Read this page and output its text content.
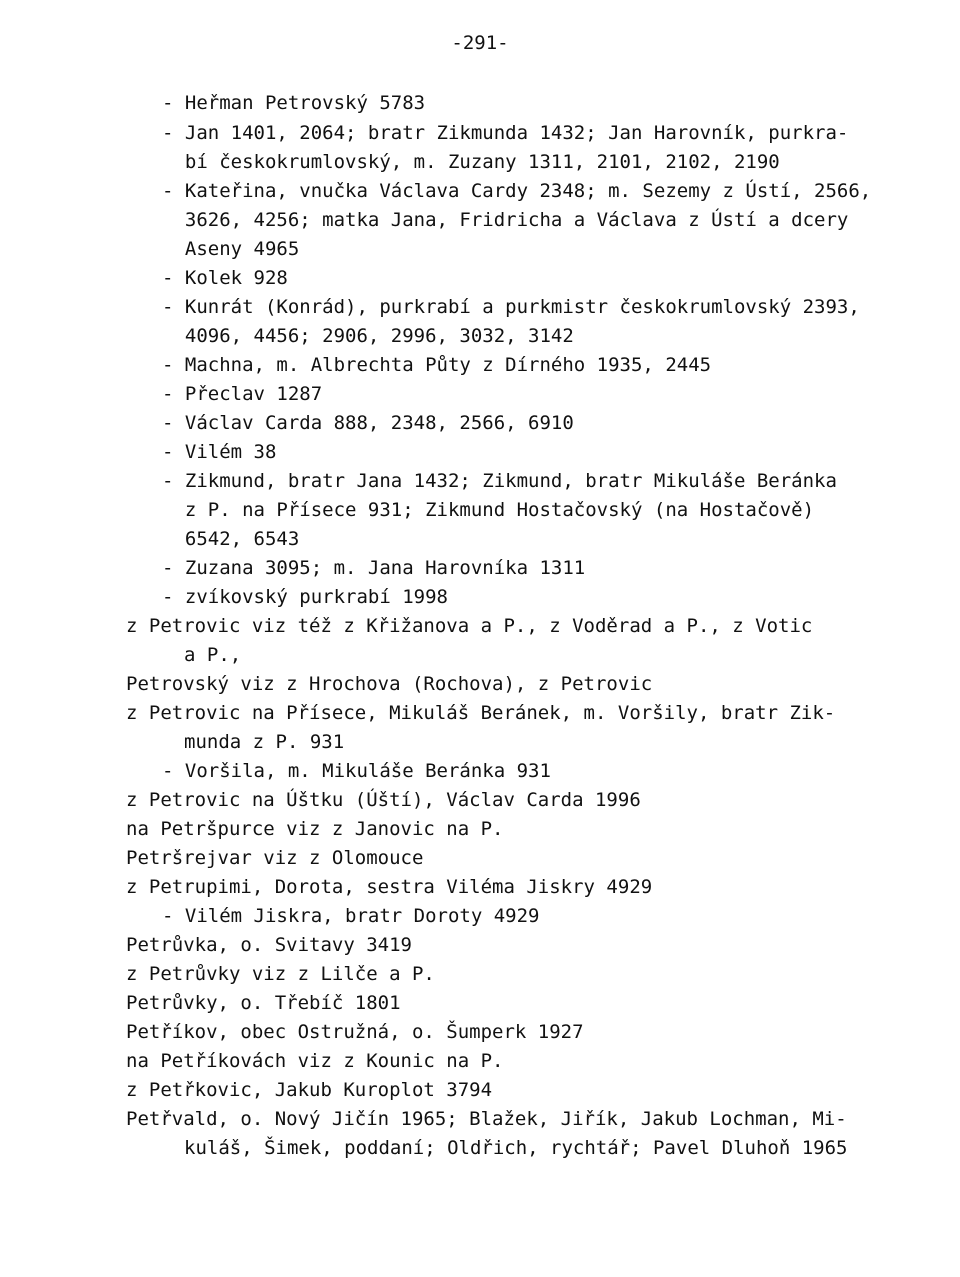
-291-
- Heřman Petrovský 5783
- Jan 1401, 2064; bratr Zikmunda 1432; Jan Harovník, purkra-
bí českokrumlovský, m. Zuzany 1311, 2101, 2102, 2190
- Kateřina, vnučka Václava Cardy 2348; m. Sezemy z Ústí, 2566,
3626, 4256; matka Jana, Fridricha a Václava z Ústí a dcery
Aseny 4965
- Kolek 928
- Kunrát (Konrád), purkrabí a purkmistr českokrumlovský 2393,
4096, 4456; 2906, 2996, 3032, 3142
- Machna, m. Albrechta Půty z Dírného 1935, 2445
- Přeclav 1287
- Václav Carda 888, 2348, 2566, 6910
- Vilém 38
- Zikmund, bratr Jana 1432; Zikmund, bratr Mikuláše Beránka
z P. na Přísece 931; Zikmund Hostačovský (na Hostačově)
6542, 6543
- Zuzana 3095; m. Jana Harovníka 1311
- zvíkovský purkrabí 1998
z Petrovic viz též z Křižanova a P., z Voděrad a P., z Votic
a P.,
Petrovský viz z Hrochova (Rochova), z Petrovic
z Petrovic na Přísece, Mikuláš Beránek, m. Voršily, bratr Zik-
munda z P. 931
- Voršila, m. Mikuláše Beránka 931
z Petrovic na Úštku (Úští), Václav Carda 1996
na Petršpurce viz z Janovic na P.
Petršrejvar viz z Olomouce
z Petrupimi, Dorota, sestra Viléma Jiskry 4929
- Vilém Jiskra, bratr Doroty 4929
Petrůvka, o. Svitavy 3419
z Petrůvky viz z Lilče a P.
Petrůvky, o. Třebíč 1801
Petříkov, obec Ostružná, o. Šumperk 1927
na Petříkovách viz z Kounic na P.
z Petřkovic, Jakub Kuroplot 3794
Petřvald, o. Nový Jičín 1965; Blažek, Jiřík, Jakub Lochman, Mi-
kuláš, Šimek, poddaní; Oldřich, rychtář; Pavel Dluhoň 1965
